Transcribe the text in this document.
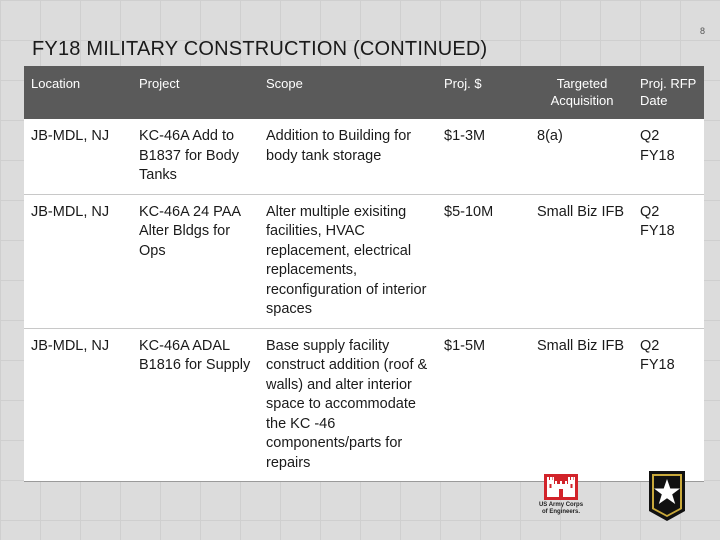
8
FY18 MILITARY CONSTRUCTION (CONTINUED)
Location	Project	Scope	Proj. $	Targeted Acquisition	Proj. RFP Date
JB-MDL, NJ	KC-46A Add to B1837 for Body Tanks	Addition to Building for body tank storage	$1-3M	8(a)	Q2 FY18
JB-MDL, NJ	KC-46A 24 PAA Alter Bldgs for Ops	Alter multiple exisiting facilities, HVAC replacement, electrical replacements, reconfiguration of interior spaces	$5-10M	Small Biz IFB	Q2 FY18
JB-MDL, NJ	KC-46A ADAL B1816 for Supply	Base supply facility construct addition (roof & walls) and alter interior space to accommodate the KC -46 components/parts for repairs	$1-5M	Small Biz IFB	Q2 FY18
US Army Corps
of Engineers.
